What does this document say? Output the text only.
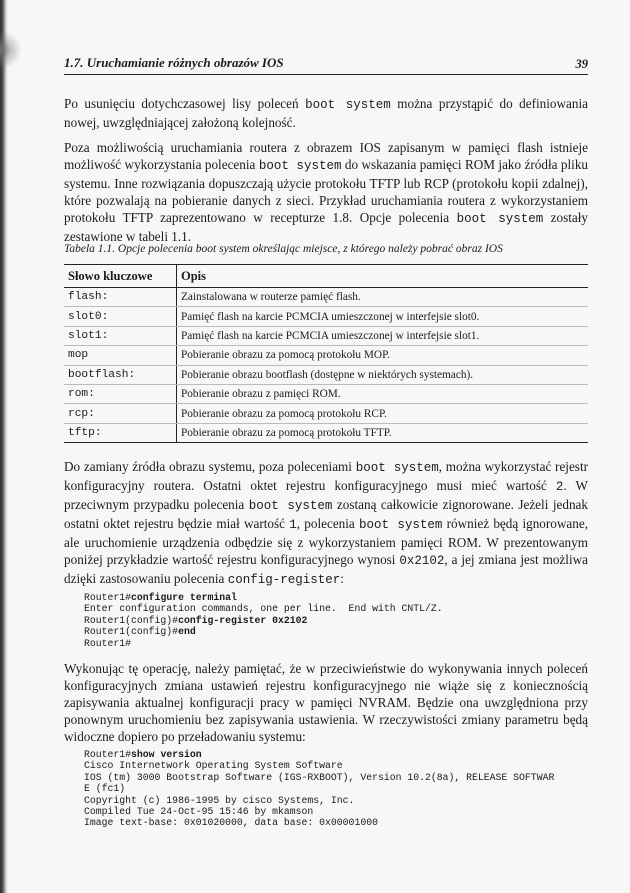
1.7. Uruchamianie różnych obrazów IOS	39

Po usunięciu dotychczasowej lisy poleceń boot system można przystąpić do definiowania nowej, uwzględniającej założoną kolejność.

Poza możliwością uruchamiania routera z obrazem IOS zapisanym w pamięci flash istnieje możliwość wykorzystania polecenia boot system do wskazania pamięci ROM jako źródła pliku systemu. Inne rozwiązania dopuszczają użycie protokołu TFTP lub RCP (protokołu kopii zdalnej), które pozwalają na pobieranie danych z sieci. Przykład uruchamiania routera z wykorzystaniem protokołu TFTP zaprezentowano w recepturze 1.8. Opcje polecenia boot system zostały zestawione w tabeli 1.1.

Tabela 1.1. Opcje polecenia boot system określając miejsce, z którego należy pobrać obraz IOS

Słowo kluczowe	Opis
flash:	Zainstalowana w routerze pamięć flash.
slot0:	Pamięć flash na karcie PCMCIA umieszczonej w interfejsie slot0.
slot1:	Pamięć flash na karcie PCMCIA umieszczonej w interfejsie slot1.
mop	Pobieranie obrazu za pomocą protokołu MOP.
bootflash:	Pobieranie obrazu bootflash (dostępne w niektórych systemach).
rom:	Pobieranie obrazu z pamięci ROM.
rcp:	Pobieranie obrazu za pomocą protokołu RCP.
tftp:	Pobieranie obrazu za pomocą protokołu TFTP.

Do zamiany źródła obrazu systemu, poza poleceniami boot system, można wykorzystać rejestr konfiguracyjny routera. Ostatni oktet rejestru konfiguracyjnego musi mieć wartość 2. W przeciwnym przypadku polecenia boot system zostaną całkowicie zignorowane. Jeżeli jednak ostatni oktet rejestru będzie miał wartość 1, polecenia boot system również będą ignorowane, ale uruchomienie urządzenia odbędzie się z wykorzystaniem pamięci ROM. W prezentowanym poniżej przykładzie wartość rejestru konfiguracyjnego wynosi 0x2102, a jej zmiana jest możliwa dzięki zastosowaniu polecenia config-register:

Router1#configure terminal
Enter configuration commands, one per line.  End with CNTL/Z.
Router1(config)#config-register 0x2102
Router1(config)#end
Router1#

Wykonując tę operację, należy pamiętać, że w przeciwieństwie do wykonywania innych poleceń konfiguracyjnych zmiana ustawień rejestru konfiguracyjnego nie wiąże się z koniecznością zapisywania aktualnej konfiguracji pracy w pamięci NVRAM. Będzie ona uwzględniona przy ponownym uruchomieniu bez zapisywania ustawienia. W rzeczywistości zmiany parametru będą widoczne dopiero po przeładowaniu systemu:

Router1#show version
Cisco Internetwork Operating System Software
IOS (tm) 3000 Bootstrap Software (IGS-RXBOOT), Version 10.2(8a), RELEASE SOFTWAR
E (fc1)
Copyright (c) 1986-1995 by cisco Systems, Inc.
Compiled Tue 24-Oct-95 15:46 by mkamson
Image text-base: 0x01020000, data base: 0x00001000
